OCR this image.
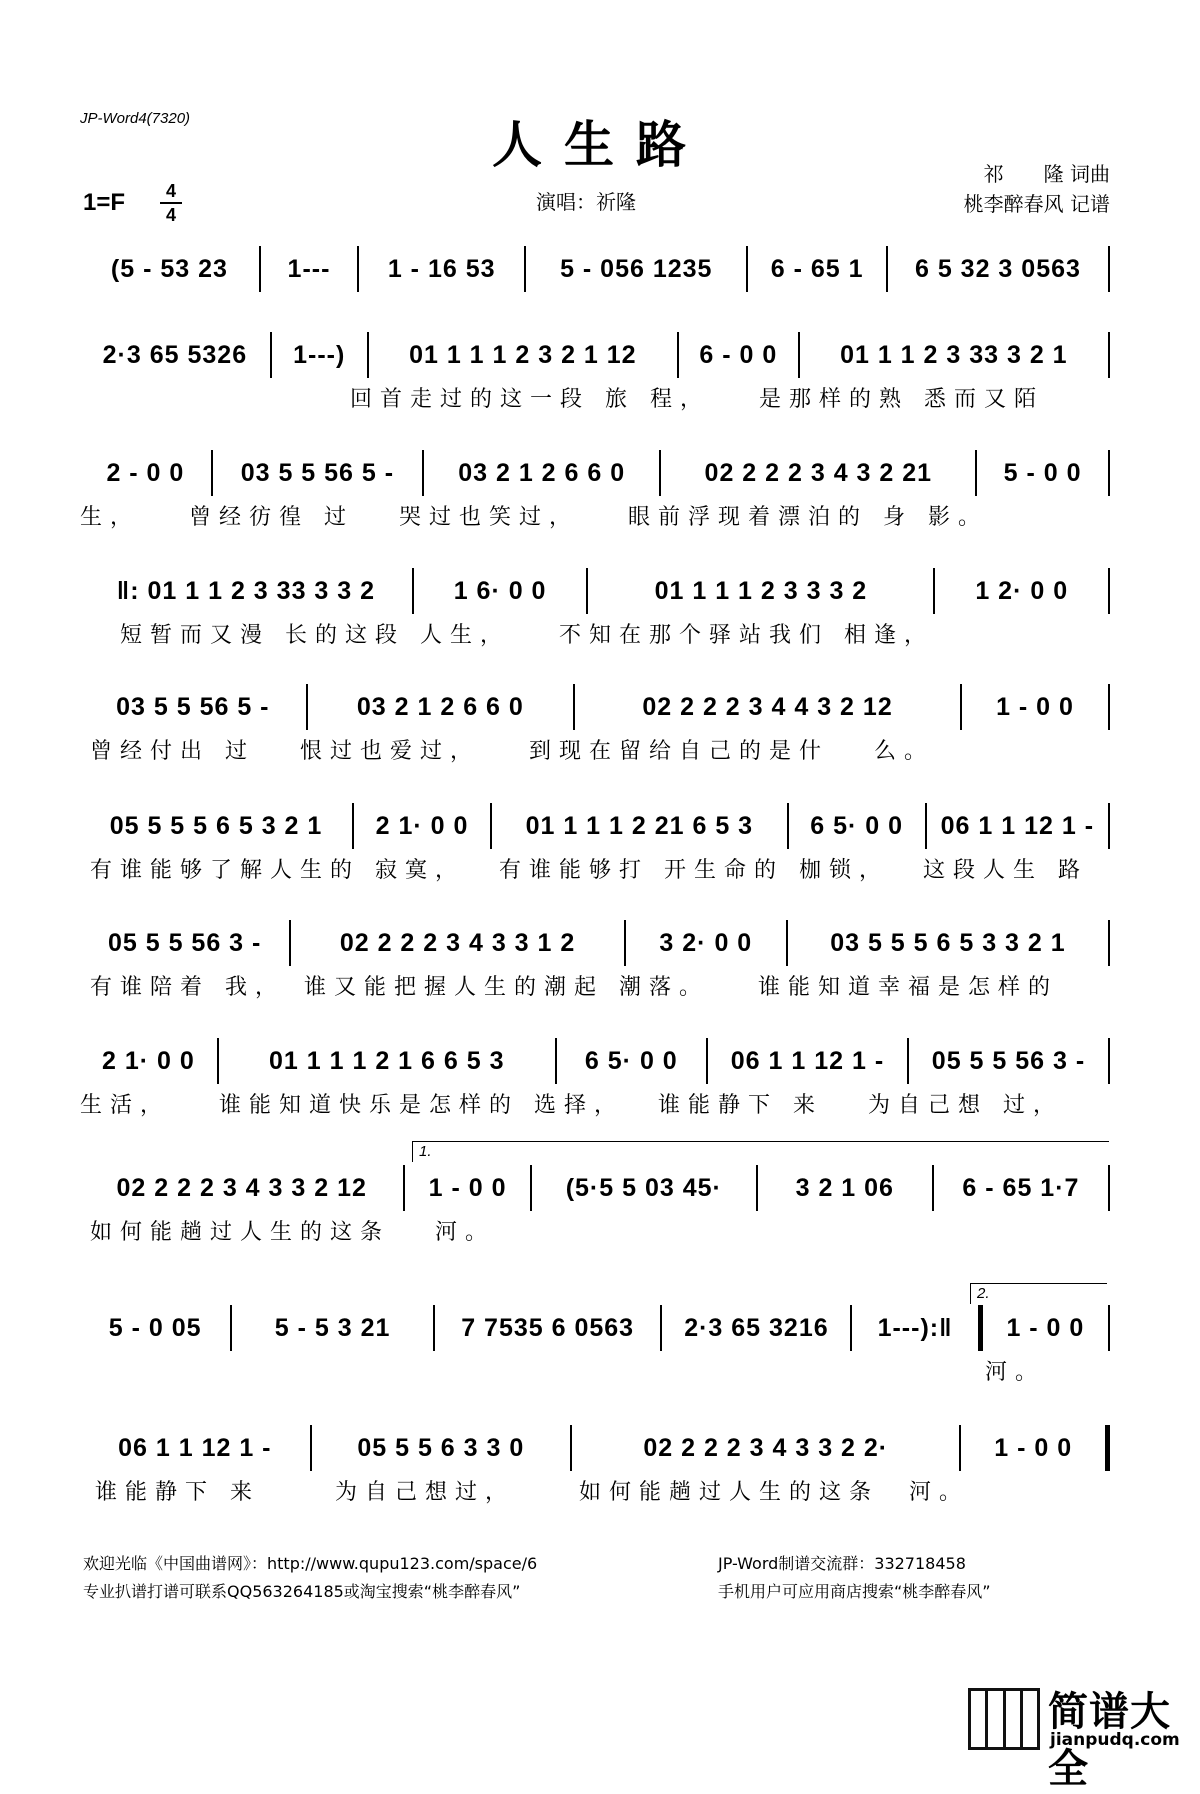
JP-Word4(7320)	人生路
1=F	4
4
演唱：祈隆
祁　　隆 词曲
桃李醉春风 记谱
(5 - 53 23	1---	1 - 16 53	5 - 056 1235	6 - 65 1	6 5 32 3 0563
2·3 65 5326	1---)	01 1 1 1 2 3 2 1 12	6 - 0 0	01 1 1 2 3 33 3 2 1
回首走过的这一段 旅 程，　　是那样的熟 悉而又陌
2 - 0 0	03 5 5 56 5 -	03 2 1 2 6 6 0	02 2 2 2 3 4 3 2 21	5 - 0 0
生，　　曾经彷徨 过　 哭过也笑过，　　眼前浮现着漂泊的 身 影。
‖: 01 1 1 2 3 33 3 3 2	1 6· 0 0	01 1 1 1 2 3 3 3 2	1 2· 0 0
短暂而又漫 长的这段 人生，　　不知在那个驿站我们 相逢，
03 5 5 56 5 -	03 2 1 2 6 6 0	02 2 2 2 3 4 4 3 2 12	1 - 0 0
曾经付出 过　 恨过也爱过，　　到现在留给自己的是什　 么。
05 5 5 5 6 5 3 2 1	2 1· 0 0	01 1 1 1 2 21 6 5 3	6 5· 0 0	06 1 1 12 1 -
有谁能够了解人生的 寂寞，　 有谁能够打 开生命的 枷锁，　 这段人生 路
05 5 5 56 3 -	02 2 2 2 3 4 3 3 1 2	3 2· 0 0	03 5 5 5 6 5 3 3 2 1
有谁陪着 我，　谁又能把握人生的潮起 潮落。　　谁能知道幸福是怎样的
2 1· 0 0	01 1 1 1 2 1 6 6 5 3	6 5· 0 0	06 1 1 12 1 -	05 5 5 56 3 -
生活，　　谁能知道快乐是怎样的 选择，　 谁能静下 来　 为自己想 过，
1.
02 2 2 2 3 4 3 3 2 12	1 - 0 0	(5·5 5 03 45·	3 2 1 06	6 - 65 1·7
如何能趟过人生的这条　 河。
5 - 0 05	5 - 5 3 21	7 7535 6 0563	2·3 65 3216	1---):‖	1 - 0 0
河。
2.
06 1 1 12 1 -	05 5 5 6 3 3 0	02 2 2 2 3 4 3 3 2 2·	1 - 0 0
谁能静下 来　　 为自己想过，　　 如何能趟过人生的这条　河。
欢迎光临《中国曲谱网》：http://www.qupu123.com/space/6
专业扒谱打谱可联系QQ563264185或淘宝搜索“桃李醉春风”
JP-Word制谱交流群：332718458
手机用户可应用商店搜索“桃李醉春风”
简谱大全
jianpudq.com
